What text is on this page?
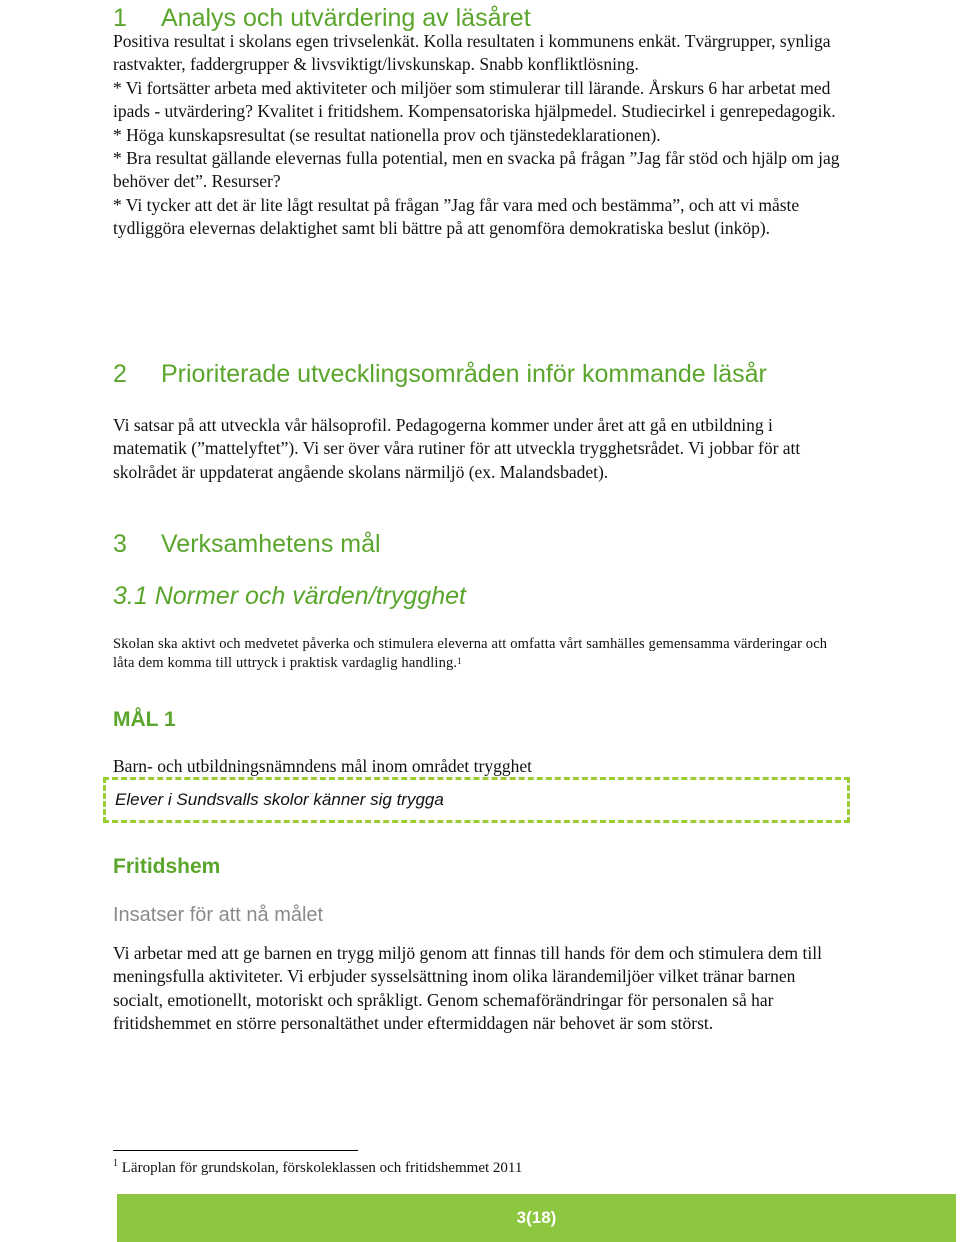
1 Analys och utvärdering av läsåret

Positiva resultat i skolans egen trivselenkät. Kolla resultaten i kommunens enkät. Tvärgrupper, synliga rastvakter, faddergrupper & livsviktigt/livskunskap. Snabb konfliktlösning.

* Vi fortsätter arbeta med aktiviteter och miljöer som stimulerar till lärande. Årskurs 6 har arbetat med ipads - utvärdering? Kvalitet i fritidshem. Kompensatoriska hjälpmedel. Studiecirkel i genrepedagogik.

* Höga kunskapsresultat (se resultat nationella prov och tjänstedeklarationen).

* Bra resultat gällande elevernas fulla potential, men en svacka på frågan ”Jag får stöd och hjälp om jag behöver det”. Resurser?

* Vi tycker att det är lite lågt resultat på frågan ”Jag får vara med och bestämma”, och att vi måste tydliggöra elevernas delaktighet samt bli bättre på att genomföra demokratiska beslut (inköp).

2 Prioriterade utvecklingsområden inför kommande läsår

Vi satsar på att utveckla vår hälsoprofil. Pedagogerna kommer under året att gå en utbildning i matematik (”mattelyftet”). Vi ser över våra rutiner för att utveckla trygghetsrådet. Vi jobbar för att skolrådet är uppdaterat angående skolans närmiljö (ex. Malandsbadet).

3 Verksamhetens mål
3.1 Normer och värden/trygghet

Skolan ska aktivt och medvetet påverka och stimulera eleverna att omfatta vårt samhälles gemensamma värderingar och låta dem komma till uttryck i praktisk vardaglig handling.$^1$

MÅL 1
Barn- och utbildningsnämndens mål inom området trygghet
Elever i Sundsvalls skolor känner sig trygga
Fritidshem
Insatser för att nå målet

Vi arbetar med att ge barnen en trygg miljö genom att finnas till hands för dem och stimulera dem till meningsfulla aktiviteter. Vi erbjuder sysselsättning inom olika lärandemiljöer vilket tränar barnen socialt, emotionellt, motoriskt och språkligt. Genom schemaförändringar för personalen så har fritidshemmet en större personaltäthet under eftermiddagen när behovet är som störst.

$^1$ Läroplan för grundskolan, förskoleklassen och fritidshemmet 2011
3(18)
